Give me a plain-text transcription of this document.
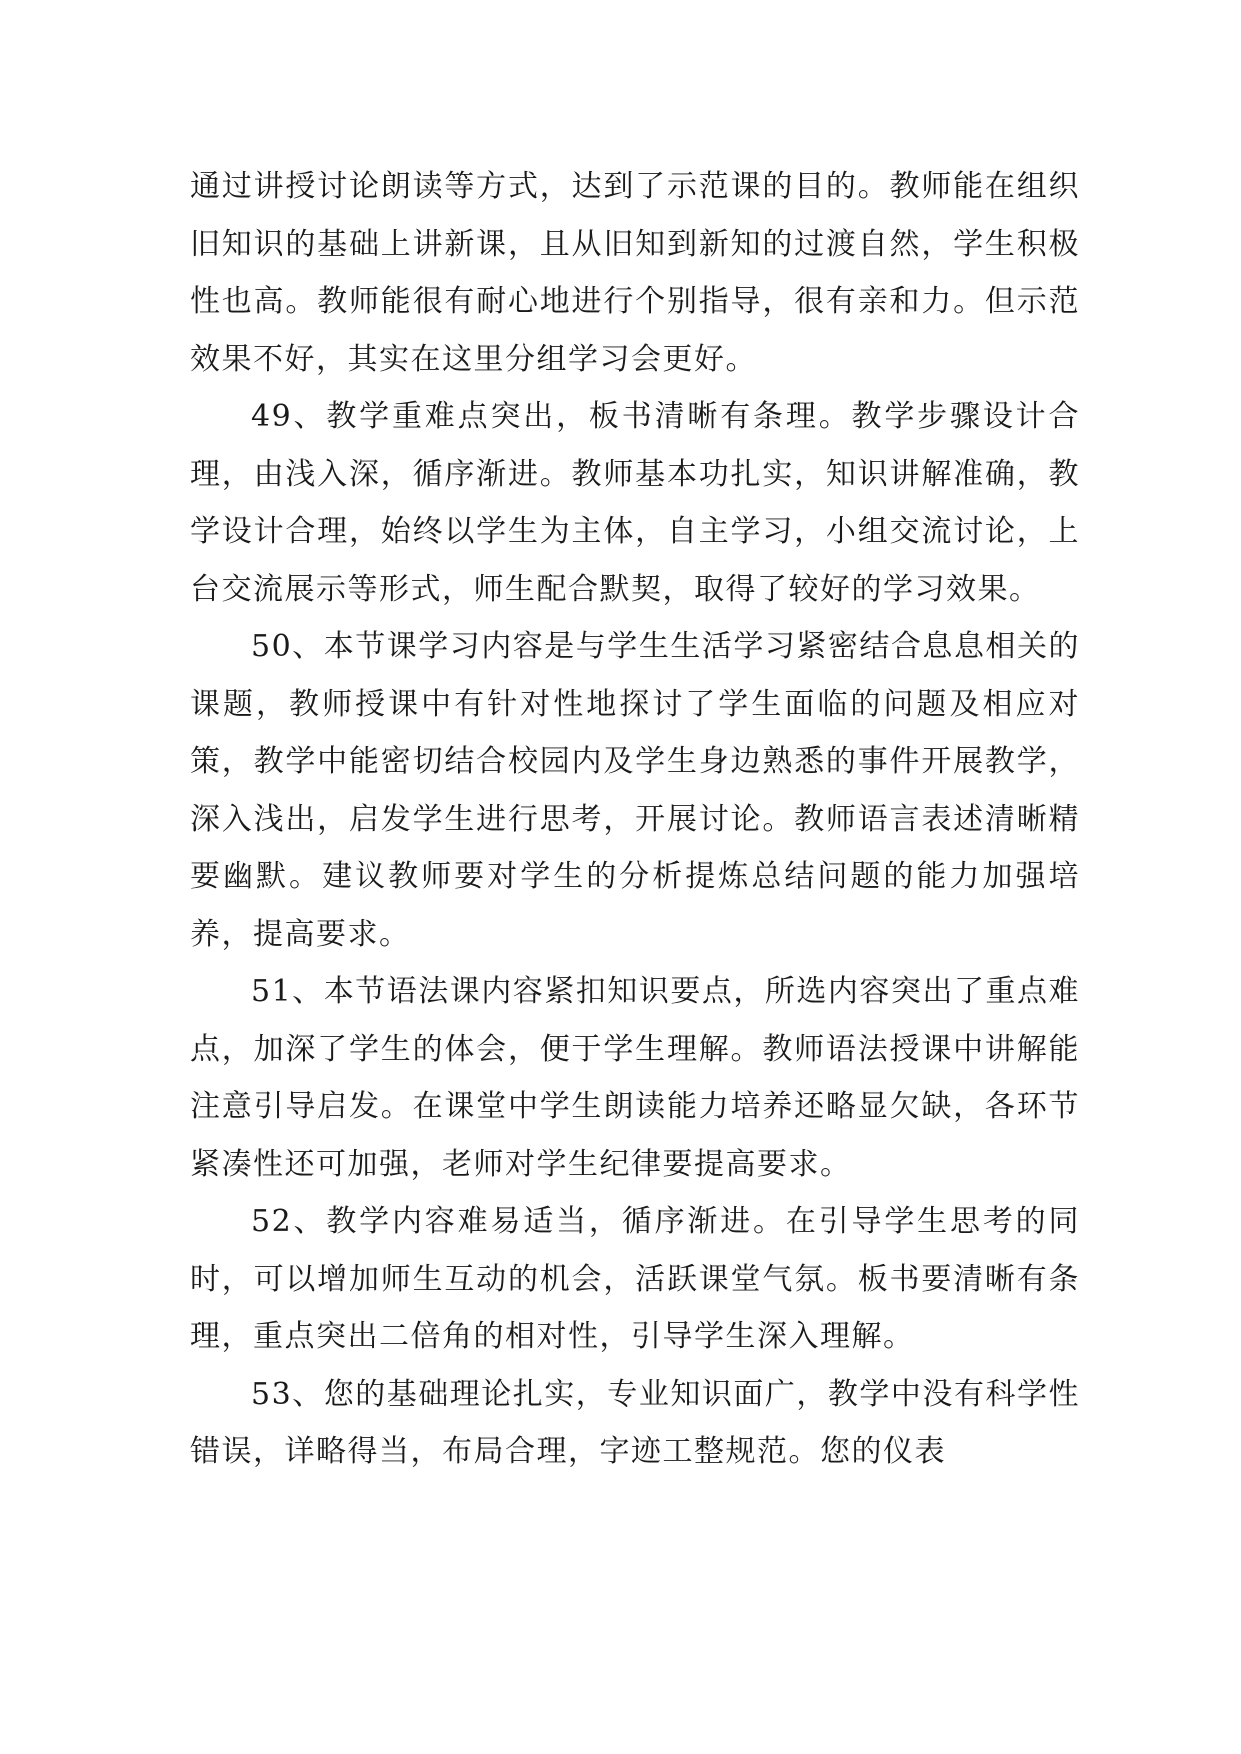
通过讲授讨论朗读等方式，达到了示范课的目的。教师能在组织旧知识的基础上讲新课，且从旧知到新知的过渡自然，学生积极性也高。教师能很有耐心地进行个别指导，很有亲和力。但示范效果不好，其实在这里分组学习会更好。

49、教学重难点突出，板书清晰有条理。教学步骤设计合理，由浅入深，循序渐进。教师基本功扎实，知识讲解准确，教学设计合理，始终以学生为主体，自主学习，小组交流讨论，上台交流展示等形式，师生配合默契，取得了较好的学习效果。

50、本节课学习内容是与学生生活学习紧密结合息息相关的课题，教师授课中有针对性地探讨了学生面临的问题及相应对策，教学中能密切结合校园内及学生身边熟悉的事件开展教学，深入浅出，启发学生进行思考，开展讨论。教师语言表述清晰精要幽默。建议教师要对学生的分析提炼总结问题的能力加强培养，提高要求。

51、本节语法课内容紧扣知识要点，所选内容突出了重点难点，加深了学生的体会，便于学生理解。教师语法授课中讲解能注意引导启发。在课堂中学生朗读能力培养还略显欠缺，各环节紧凑性还可加强，老师对学生纪律要提高要求。

52、教学内容难易适当，循序渐进。在引导学生思考的同时，可以增加师生互动的机会，活跃课堂气氛。板书要清晰有条理，重点突出二倍角的相对性，引导学生深入理解。

53、您的基础理论扎实，专业知识面广，教学中没有科学性错误，详略得当，布局合理，字迹工整规范。您的仪表
